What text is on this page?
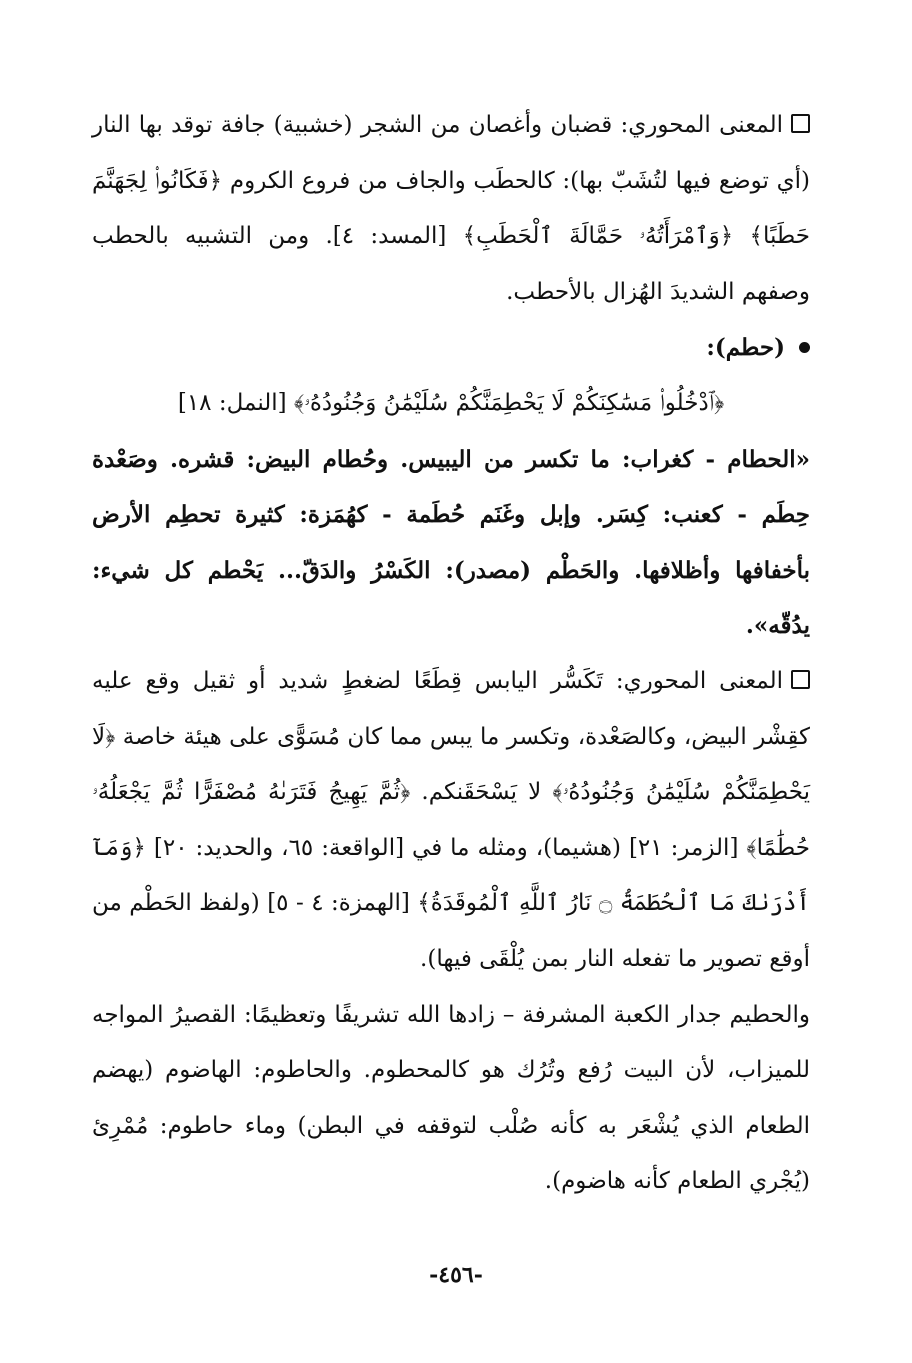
المعنى المحوري: قضبان وأغصان من الشجر (خشبية) جافة توقد بها النار (أي توضع فيها لتُشَبّ بها): كالحطَب والجاف من فروع الكروم ﴿فَكَانُوا۟ لِجَهَنَّمَ حَطَبًا﴾ ﴿وَٱمْرَأَتُهُۥ حَمَّالَةَ ٱلْحَطَبِ﴾ [المسد: ٤]. ومن التشبيه بالحطب وصفهم الشديدَ الهُزال بالأحطب.

(حطم):

﴿ٱدْخُلُوا۟ مَسَٰكِنَكُمْ لَا يَحْطِمَنَّكُمْ سُلَيْمَٰنُ وَجُنُودُهُۥ﴾ [النمل: ١٨]

«الحطام - كغراب: ما تكسر من اليبيس. وحُطام البيض: قشره. وصَعْدة حِطَم - كعنب: كِسَر. وإبل وغَنَم حُطَمة - كهُمَزة: كثيرة تحطِم الأرض بأخفافها وأظلافها. والحَطْم (مصدر): الكَسْرُ والدَقّ... يَحْطم كل شيء: يدُقّه».

المعنى المحوري: تَكَسُّر اليابس قِطَعًا لضغطٍ شديد أو ثقيل وقع عليه كقِشْر البيض، وكالصَعْدة، وتكسر ما يبس مما كان مُسَوًّى على هيئة خاصة ﴿لَا يَحْطِمَنَّكُمْ سُلَيْمَٰنُ وَجُنُودُهُۥ﴾ لا يَسْحَقَنكم. ﴿ثُمَّ يَهِيجُ فَتَرَىٰهُ مُصْفَرًّا ثُمَّ يَجْعَلُهُۥ حُطَٰمًا﴾ [الزمر: ٢١] (هشيما)، ومثله ما في [الواقعة: ٦٥، والحديد: ٢٠] ﴿وَمَآ أَدْرَىٰكَ مَا ٱلْحُطَمَةُ ۝ نَارُ ٱللَّهِ ٱلْمُوقَدَةُ﴾ [الهمزة: ٤ - ٥] (ولفظ الحَطْم من أوقع تصوير ما تفعله النار بمن يُلْقَى فيها).

والحطيم جدار الكعبة المشرفة – زادها الله تشريفًا وتعظيمًا: القصيرُ المواجه للميزاب، لأن البيت رُفع وتُرُك هو كالمحطوم. والحاطوم: الهاضوم (يهضم الطعام الذي يُشْعَر به كأنه صُلْب لتوقفه في البطن) وماء حاطوم: مُمْرِئ (يُجْري الطعام كأنه هاضوم).

-٤٥٦-
